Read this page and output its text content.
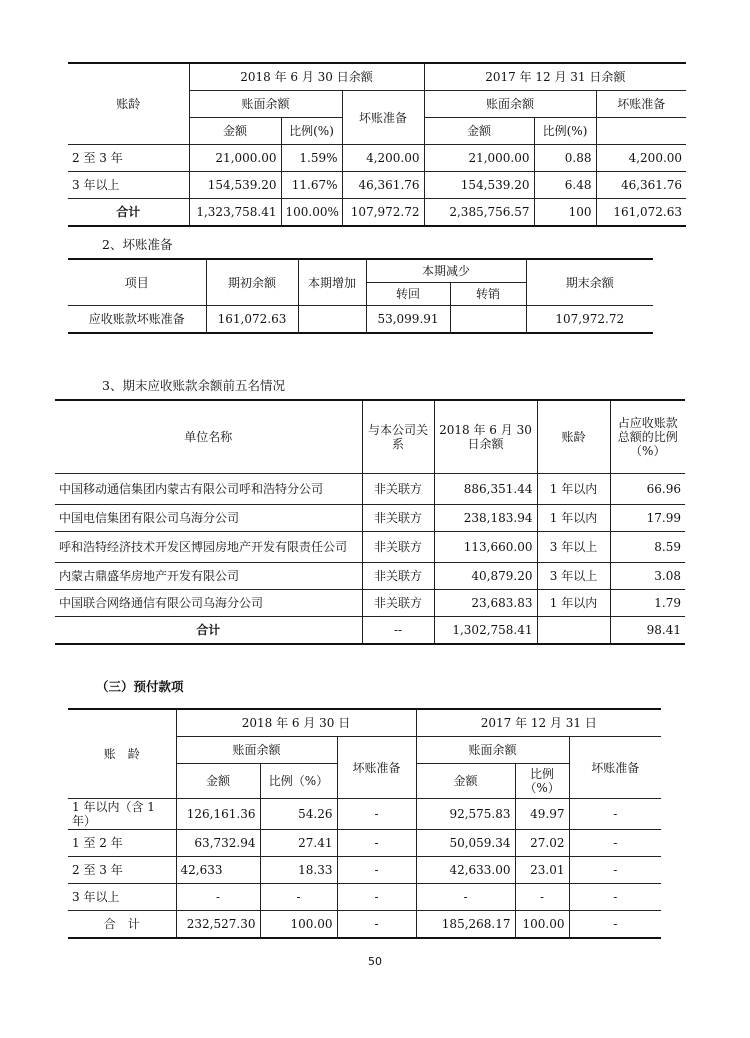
账龄	2018 年 6 月 30 日余额			2017 年 12 月 31 日余额		
	账面余额		坏账准备	账面余额		坏账准备
	金额	比例(%)		金额	比例(%)	
2 至 3 年	21,000.00	1.59%	4,200.00	21,000.00	0.88	4,200.00
3 年以上	154,539.20	11.67%	46,361.76	154,539.20	6.48	46,361.76
合计	1,323,758.41	100.00%	107,972.72	2,385,756.57	100	161,072.63
2、坏账准备
项目	期初余额	本期增加	本期减少		期末余额
			转回	转销	
应收账款坏账准备	161,072.63		53,099.91		107,972.72
3、期末应收账款余额前五名情况
单位名称	与本公司关系	2018 年 6 月 30 日余额	账龄	占应收账款总额的比例（%）
中国移动通信集团内蒙古有限公司呼和浩特分公司	非关联方	886,351.44	1 年以内	66.96
中国电信集团有限公司乌海分公司	非关联方	238,183.94	1 年以内	17.99
呼和浩特经济技术开发区博园房地产开发有限责任公司	非关联方	113,660.00	3 年以上	8.59
内蒙古鼎盛华房地产开发有限公司	非关联方	40,879.20	3 年以上	3.08
中国联合网络通信有限公司乌海分公司	非关联方	23,683.83	1 年以内	1.79
合计	--	1,302,758.41		98.41
（三）预付款项
账　龄	2018 年 6 月 30 日			2017 年 12 月 31 日		
	账面余额		坏账准备	账面余额		坏账准备
	金额	比例（%）		金额	比例（%）	
1 年以内（含 1 年）	126,161.36	54.26	-	92,575.83	49.97	-
1 至 2 年	63,732.94	27.41	-	50,059.34	27.02	-
2 至 3 年	42,633	18.33	-	42,633.00	23.01	-
3 年以上	-	-	-	-	-	-
合　计	232,527.30	100.00	-	185,268.17	100.00	-
50
